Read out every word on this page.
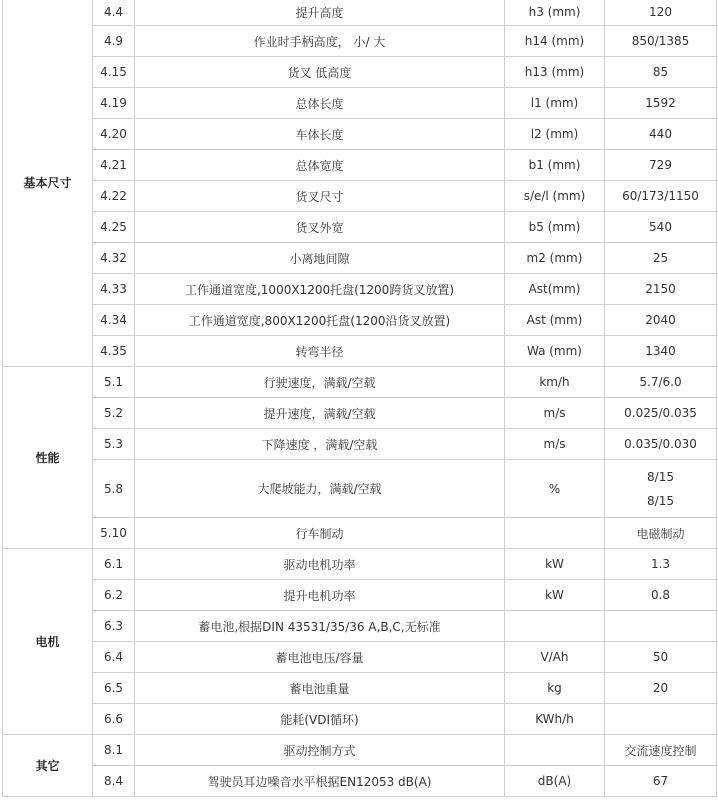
基本尺寸	4.4	提升高度	h3 (mm)	120
	4.9	作业时手柄高度， 小/ 大	h14 (mm)	850/1385
	4.15	货叉 低高度	h13 (mm)	85
	4.19	总体长度	l1 (mm)	1592
	4.20	车体长度	l2 (mm)	440
	4.21	总体宽度	b1 (mm)	729
	4.22	货叉尺寸	s/e/l (mm)	60/173/1150
	4.25	货叉外宽	b5 (mm)	540
	4.32	小离地间隙	m2 (mm)	25
	4.33	工作通道宽度,1000X1200托盘(1200跨货叉放置)	Ast(mm)	2150
	4.34	工作通道宽度,800X1200托盘(1200沿货叉放置)	Ast (mm)	2040
	4.35	转弯半径	Wa (mm)	1340
性能	5.1	行驶速度，满载/空载	km/h	5.7/6.0
	5.2	提升速度，满载/空载	m/s	0.025/0.035
	5.3	下降速度 ，满载/空载	m/s	0.035/0.030
	5.8	大爬坡能力，满载/空载	%	8/15
8/15

	5.10	行车制动		电磁制动
电机	6.1	驱动电机功率	kW	1.3
	6.2	提升电机功率	kW	0.8
	6.3	蓄电池,根据DIN 43531/35/36 A,B,C,无标准		
	6.4	蓄电池电压/容量	V/Ah	50
	6.5	蓄电池重量	kg	20
	6.6	能耗(VDI循环)	KWh/h	
其它	8.1	驱动控制方式		交流速度控制
	8.4	驾驶员耳边噪音水平根据EN12053 dB(A)	dB(A)	67
